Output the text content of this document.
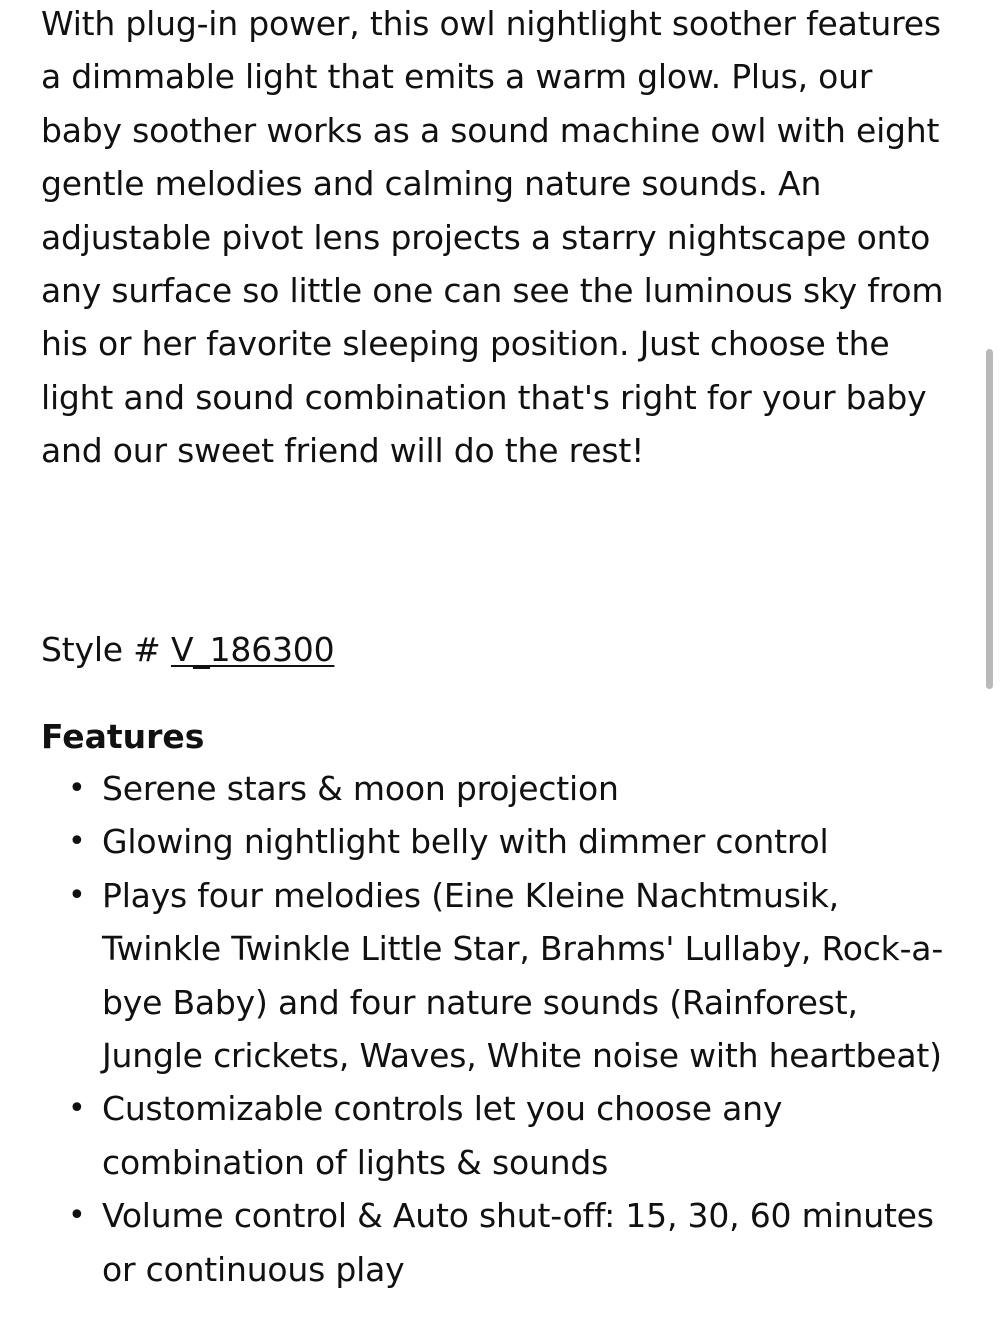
With plug-in power, this owl nightlight soother features a dimmable light that emits a warm glow. Plus, our baby soother works as a sound machine owl with eight gentle melodies and calming nature sounds. An adjustable pivot lens projects a starry nightscape onto any surface so little one can see the luminous sky from his or her favorite sleeping position. Just choose the light and sound combination that's right for your baby and our sweet friend will do the rest!

Style # V_186300
Features
• Serene stars & moon projection
• Glowing nightlight belly with dimmer control
• Plays four melodies (Eine Kleine Nachtmusik, Twinkle Twinkle Little Star, Brahms' Lullaby, Rock-a-bye Baby) and four nature sounds (Rainforest, Jungle crickets, Waves, White noise with heartbeat)
• Customizable controls let you choose any combination of lights & sounds
• Volume control & Auto shut-off: 15, 30, 60 minutes or continuous play
